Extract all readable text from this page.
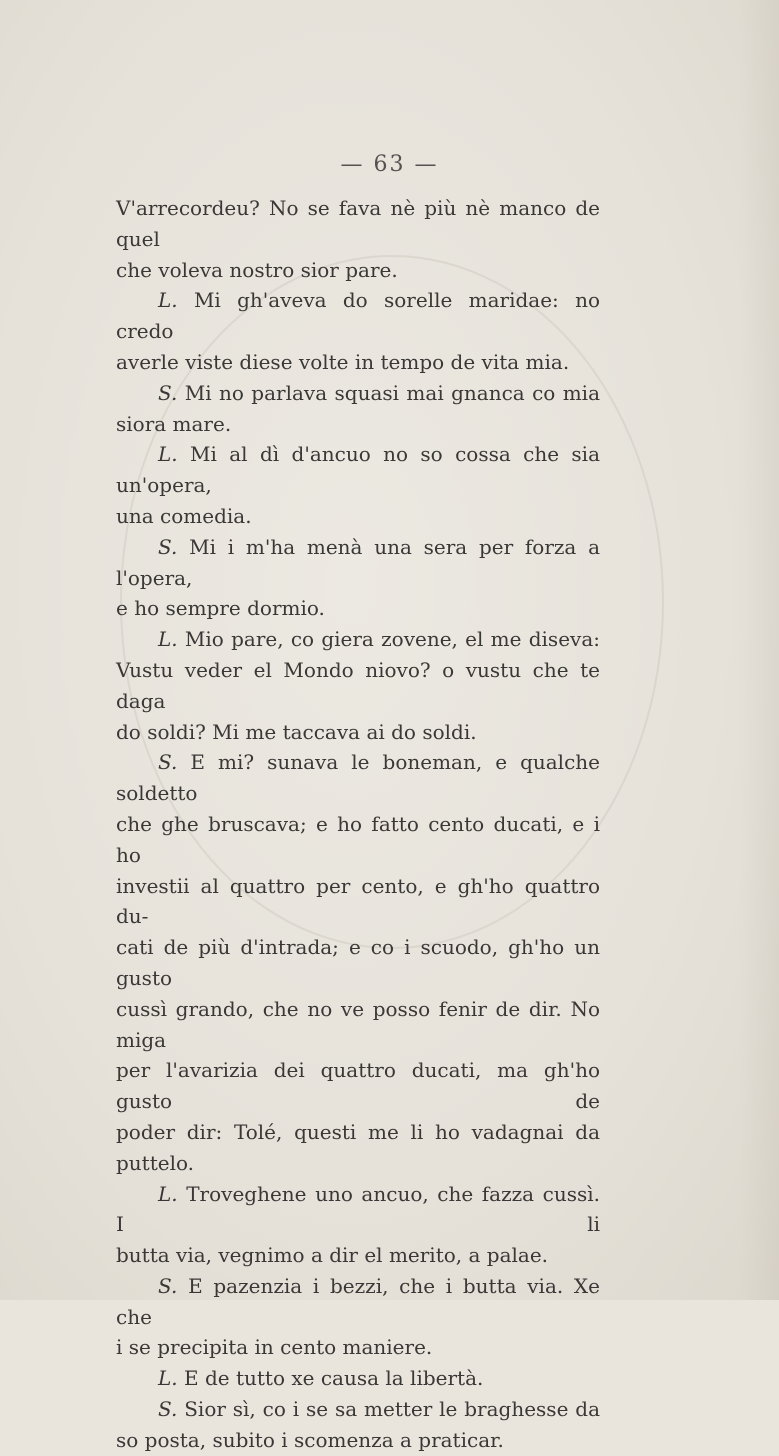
— 63 —

V'arrecordeu? No se fava nè più nè manco de quel

che voleva nostro sior pare.

L. Mi gh'aveva do sorelle maridae: no credo

averle viste diese volte in tempo de vita mia.

S. Mi no parlava squasi mai gnanca co mia

siora mare.

L. Mi al dì d'ancuo no so cossa che sia un'opera,

una comedia.

S. Mi i m'ha menà una sera per forza a l'opera,

e ho sempre dormio.

L. Mio pare, co giera zovene, el me diseva:

Vustu veder el Mondo niovo? o vustu che te daga

do soldi? Mi me taccava ai do soldi.

S. E mi? sunava le boneman, e qualche soldetto

che ghe bruscava; e ho fatto cento ducati, e i ho

investii al quattro per cento, e gh'ho quattro du-

cati de più d'intrada; e co i scuodo, gh'ho un gusto

cussì grando, che no ve posso fenir de dir. No miga

per l'avarizia dei quattro ducati, ma gh'ho gusto de

poder dir: Tolé, questi me li ho vadagnai da puttelo.

L. Troveghene uno ancuo, che fazza cussì. I li

butta via, vegnimo a dir el merito, a palae.

S. E pazenzia i bezzi, che i butta via. Xe che

i se precipita in cento maniere.

L. E de tutto xe causa la libertà.

S. Sior sì, co i se sa metter le braghesse da

so posta, subito i scomenza a praticar.
